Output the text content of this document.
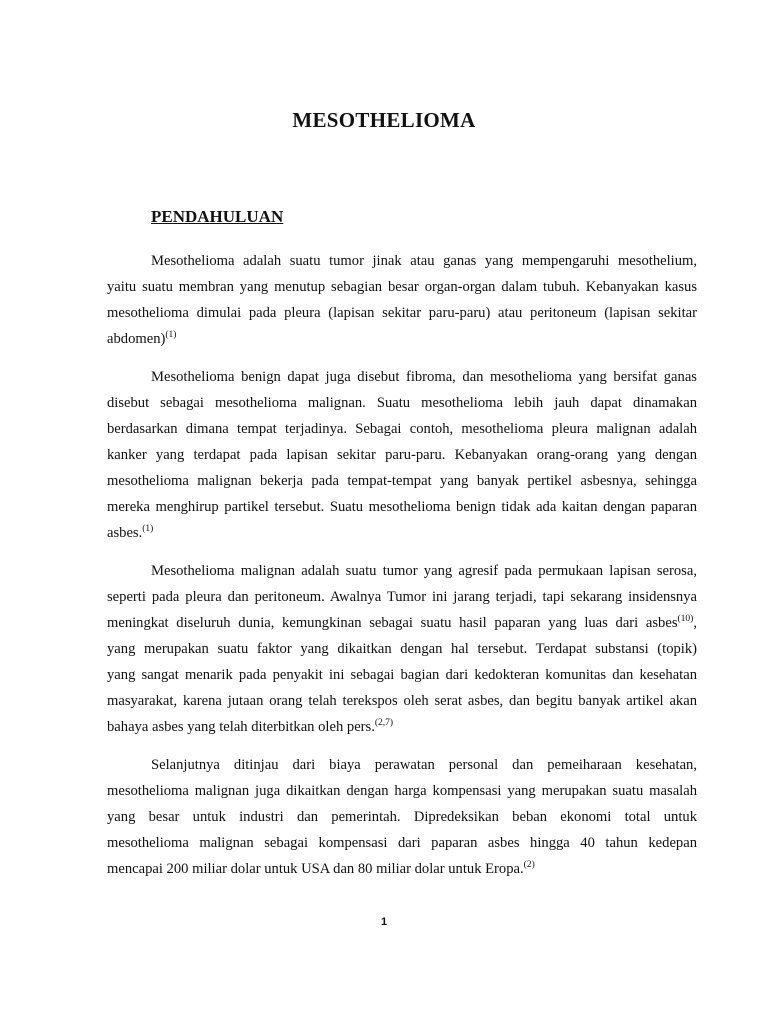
MESOTHELIOMA
PENDAHULUAN
Mesothelioma adalah suatu tumor jinak atau ganas yang mempengaruhi mesothelium,
yaitu suatu membran yang menutup sebagian besar organ-organ dalam tubuh. Kebanyakan kasus
mesothelioma dimulai pada pleura (lapisan sekitar paru-paru) atau peritoneum (lapisan sekitar
abdomen)$^{(1)}$
Mesothelioma benign dapat juga disebut fibroma, dan mesothelioma yang bersifat ganas
disebut sebagai mesothelioma malignan. Suatu mesothelioma lebih jauh dapat dinamakan
berdasarkan dimana tempat terjadinya. Sebagai contoh, mesothelioma pleura malignan adalah
kanker yang terdapat pada lapisan sekitar paru-paru. Kebanyakan orang-orang yang dengan
mesothelioma malignan bekerja pada tempat-tempat yang banyak pertikel asbesnya, sehingga
mereka menghirup partikel tersebut. Suatu mesothelioma benign tidak ada kaitan dengan paparan
asbes.$^{(1)}$
Mesothelioma malignan adalah suatu tumor yang agresif pada permukaan lapisan serosa,
seperti pada pleura dan peritoneum. Awalnya Tumor ini jarang terjadi, tapi sekarang insidensnya
meningkat diseluruh dunia, kemungkinan sebagai suatu hasil paparan yang luas dari asbes$^{(10)}$,
yang merupakan suatu faktor yang dikaitkan dengan hal tersebut. Terdapat substansi (topik)
yang sangat menarik pada penyakit ini sebagai bagian dari kedokteran komunitas dan kesehatan
masyarakat, karena jutaan orang telah terekspos oleh serat asbes, dan begitu banyak artikel akan
bahaya asbes yang telah diterbitkan oleh pers.$^{(2,7)}$
Selanjutnya ditinjau dari biaya perawatan personal dan pemeiharaan kesehatan,
mesothelioma malignan juga dikaitkan dengan harga kompensasi yang merupakan suatu masalah
yang besar untuk industri dan pemerintah. Dipredeksikan beban ekonomi total untuk
mesothelioma malignan sebagai kompensasi dari paparan asbes hingga 40 tahun kedepan
mencapai 200 miliar dolar untuk USA dan 80 miliar dolar untuk Eropa.$^{(2)}$
1
